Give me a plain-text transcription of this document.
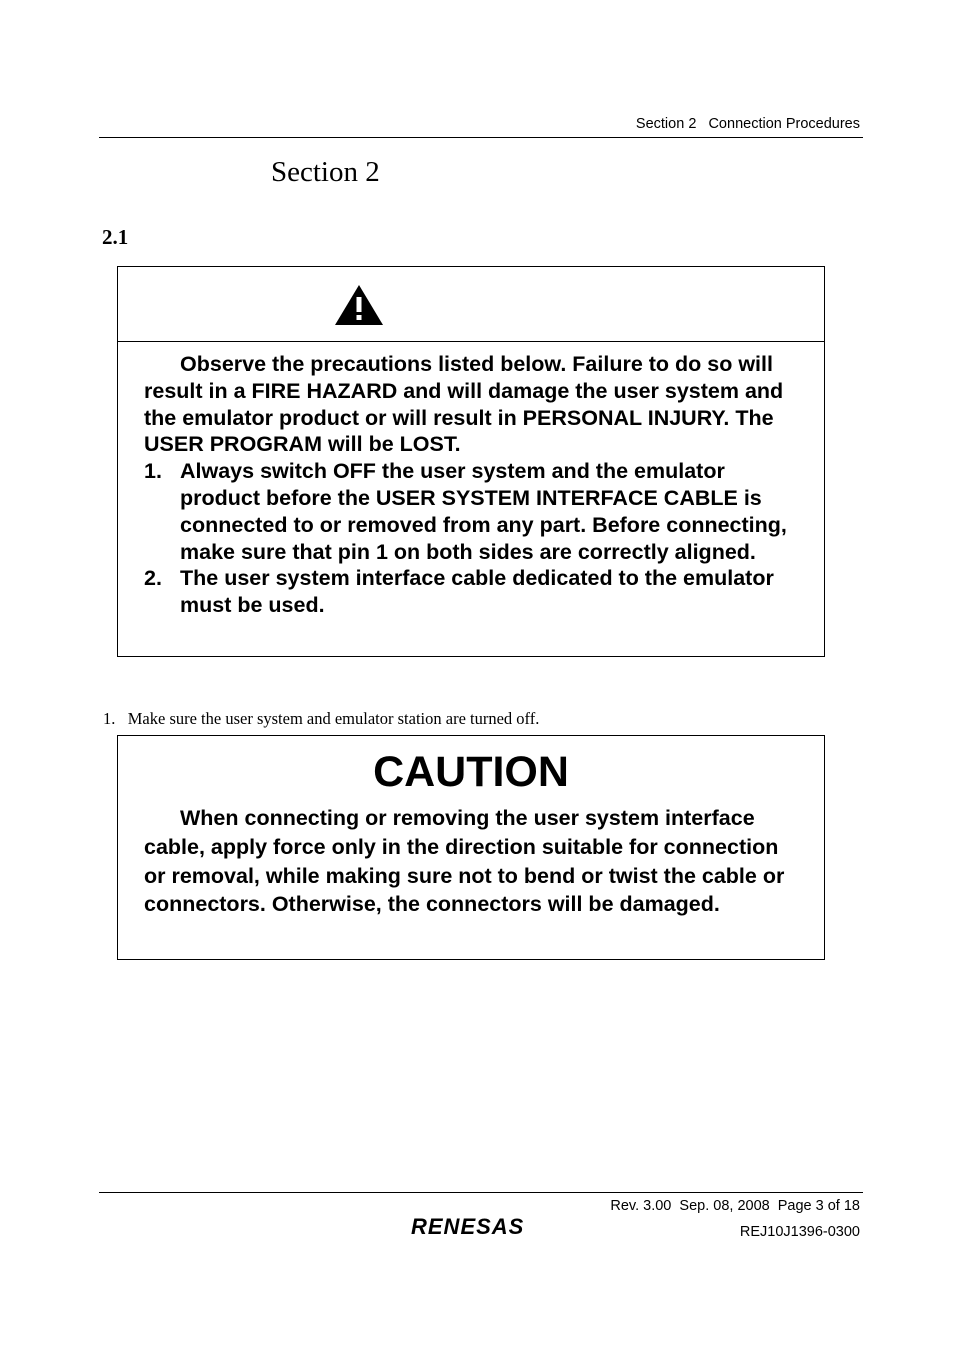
Section 2   Connection Procedures
Section 2
2.1
Observe the precautions listed below. Failure to do so will result in a FIRE HAZARD and will damage the user system and the emulator product or will result in PERSONAL INJURY. The USER PROGRAM will be LOST.
1. Always switch OFF the user system and the emulator product before the USER SYSTEM INTERFACE CABLE is connected to or removed from any part. Before connecting, make sure that pin 1 on both sides are correctly aligned.
2. The user system interface cable dedicated to the emulator must be used.
1. Make sure the user system and emulator station are turned off.
CAUTION
When connecting or removing the user system interface cable, apply force only in the direction suitable for connection or removal, while making sure not to bend or twist the cable or connectors. Otherwise, the connectors will be damaged.
Rev. 3.00  Sep. 08, 2008  Page 3 of 18
REJ10J1396-0300
RENESAS
